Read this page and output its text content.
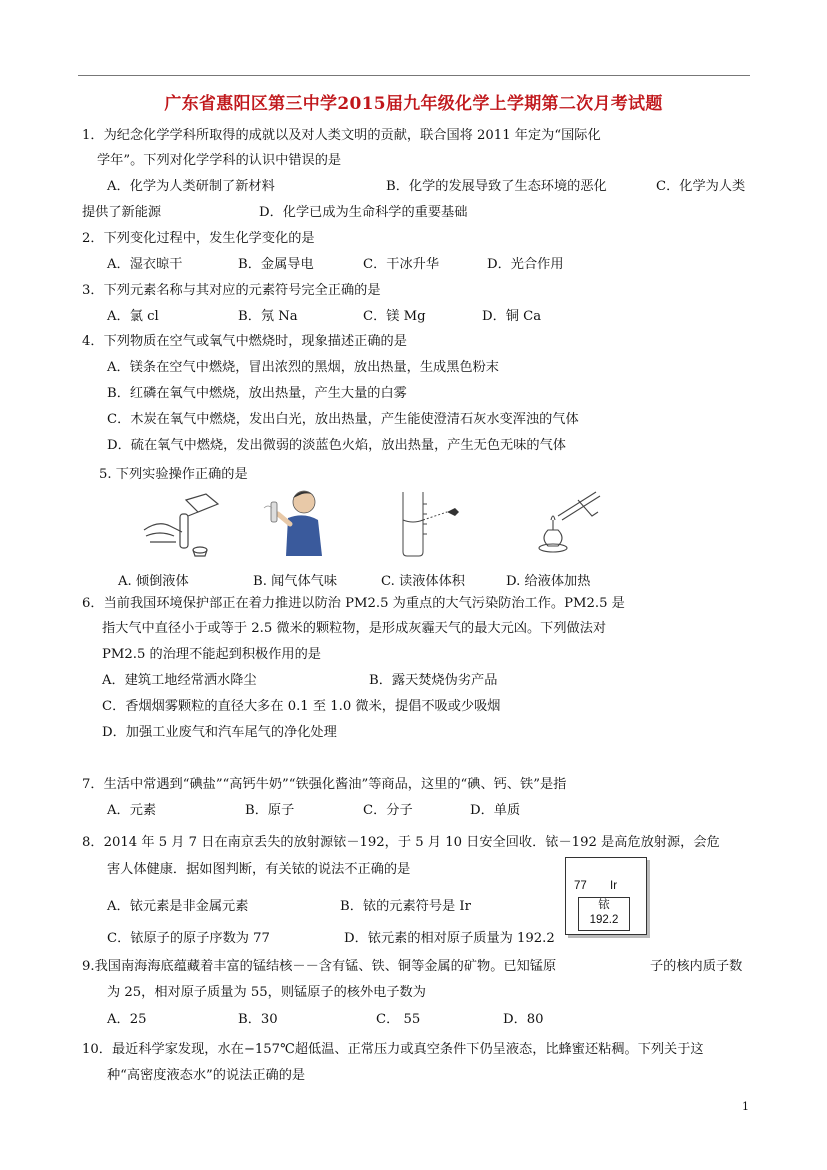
广东省惠阳区第三中学2015届九年级化学上学期第二次月考试题
1．为纪念化学学科所取得的成就以及对人类文明的贡献，联合国将 2011 年定为“国际化
学年”。下列对化学学科的认识中错误的是
A．化学为人类研制了新材料	B．化学的发展导致了生态环境的恶化	C．化学为人类
提供了新能源	D．化学已成为生命科学的重要基础
2．下列变化过程中，发生化学变化的是
A．湿衣晾干	B．金属导电	C．干冰升华	D．光合作用
3．下列元素名称与其对应的元素符号完全正确的是
A．氯 cl	B．氖 Na	C．镁 Mg	D．铜 Ca
4．下列物质在空气或氧气中燃烧时，现象描述正确的是
A．镁条在空气中燃烧，冒出浓烈的黑烟，放出热量，生成黑色粉末
B．红磷在氧气中燃烧，放出热量，产生大量的白雾
C．木炭在氧气中燃烧，发出白光，放出热量，产生能使澄清石灰水变浑浊的气体
D．硫在氧气中燃烧，发出微弱的淡蓝色火焰，放出热量，产生无色无味的气体
5. 下列实验操作正确的是
A. 倾倒液体	B. 闻气体气味	C. 读液体体积	D. 给液体加热
6．当前我国环境保护部正在着力推进以防治 PM2.5 为重点的大气污染防治工作。PM2.5 是
指大气中直径小于或等于 2.5 微米的颗粒物，是形成灰霾天气的最大元凶。下列做法对
PM2.5 的治理不能起到积极作用的是
A．建筑工地经常洒水降尘	B．露天焚烧伪劣产品
C．香烟烟雾颗粒的直径大多在 0.1 至 1.0 微米，提倡不吸或少吸烟
D．加强工业废气和汽车尾气的净化处理
7．生活中常遇到“碘盐”“高钙牛奶”“铁强化酱油”等商品，这里的“碘、钙、铁”是指
A．元素	B．原子	C．分子	D．单质
8．2014 年 5 月 7 日在南京丢失的放射源铱－192，于 5 月 10 日安全回收．铱－192 是高危放射源，会危
害人体健康．据如图判断，有关铱的说法不正确的是
A．铱元素是非金属元素	B．铱的元素符号是 Ir
C．铱原子的原子序数为 77	D．铱元素的相对原子质量为 192.2
77 Ir
铱
192.2
9.我国南海海底蕴藏着丰富的锰结核－－含有锰、铁、铜等金属的矿物。已知锰原	子的核内质子数
为 25，相对原子质量为 55，则锰原子的核外电子数为
A．25	B．30	C． 55	D．80
10．最近科学家发现，水在−157℃超低温、正常压力或真空条件下仍呈液态，比蜂蜜还粘稠。下列关于这
种“高密度液态水”的说法正确的是
1
